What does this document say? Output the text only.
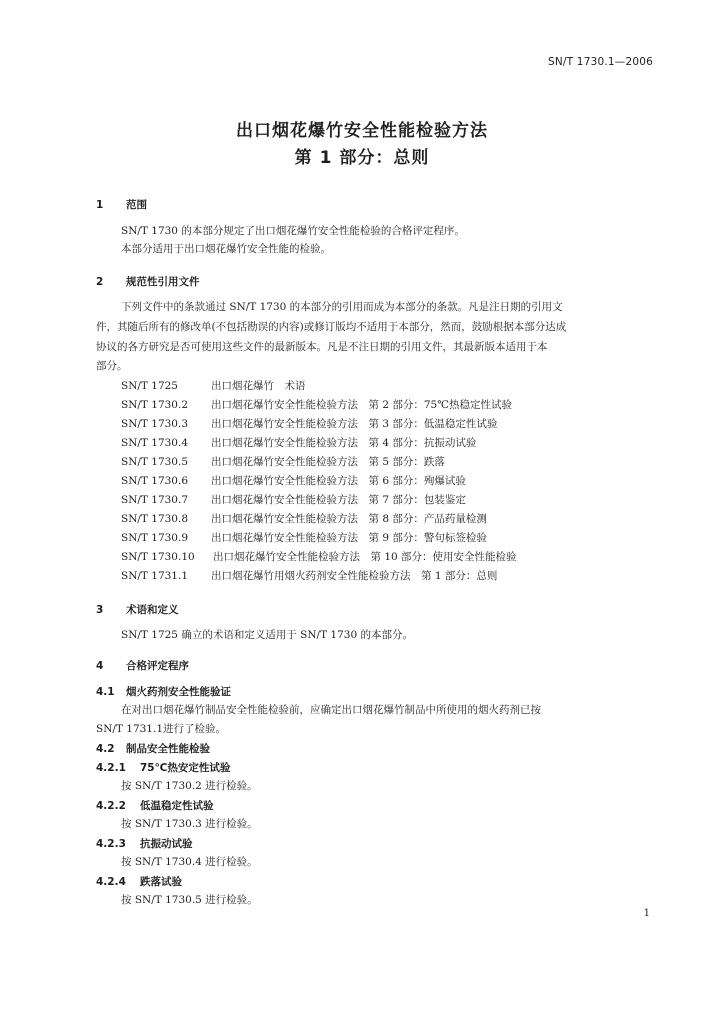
SN/T 1730.1—2006
出口烟花爆竹安全性能检验方法
第 1 部分：总则
1 范围
SN/T 1730 的本部分规定了出口烟花爆竹安全性能检验的合格评定程序。
本部分适用于出口烟花爆竹安全性能的检验。
2 规范性引用文件
下列文件中的条款通过 SN/T 1730 的本部分的引用而成为本部分的条款。凡是注日期的引用文
件，其随后所有的修改单(不包括勘误的内容)或修订版均不适用于本部分，然而，鼓励根据本部分达成
协议的各方研究是否可使用这些文件的最新版本。凡是不注日期的引用文件，其最新版本适用于本
部分。
SN/T 1725	出口烟花爆竹　术语
SN/T 1730.2 出口烟花爆竹安全性能检验方法　第 2 部分：75℃热稳定性试验
SN/T 1730.3 出口烟花爆竹安全性能检验方法　第 3 部分：低温稳定性试验
SN/T 1730.4 出口烟花爆竹安全性能检验方法　第 4 部分：抗振动试验
SN/T 1730.5 出口烟花爆竹安全性能检验方法　第 5 部分：跌落
SN/T 1730.6 出口烟花爆竹安全性能检验方法　第 6 部分：殉爆试验
SN/T 1730.7 出口烟花爆竹安全性能检验方法　第 7 部分：包装鉴定
SN/T 1730.8 出口烟花爆竹安全性能检验方法　第 8 部分：产品药量检测
SN/T 1730.9 出口烟花爆竹安全性能检验方法　第 9 部分：警句标签检验
SN/T 1730.10 出口烟花爆竹安全性能检验方法　第 10 部分：使用安全性能检验
SN/T 1731.1 出口烟花爆竹用烟火药剂安全性能检验方法　第 1 部分：总则
3 术语和定义
SN/T 1725 确立的术语和定义适用于 SN/T 1730 的本部分。
4 合格评定程序
4.1 烟火药剂安全性能验证
在对出口烟花爆竹制品安全性能检验前，应确定出口烟花爆竹制品中所使用的烟火药剂已按
SN/T 1731.1进行了检验。
4.2 制品安全性能检验
4.2.1 75℃热安定性试验
按 SN/T 1730.2 进行检验。
4.2.2 低温稳定性试验
按 SN/T 1730.3 进行检验。
4.2.3 抗振动试验
按 SN/T 1730.4 进行检验。
4.2.4 跌落试验
按 SN/T 1730.5 进行检验。
1
